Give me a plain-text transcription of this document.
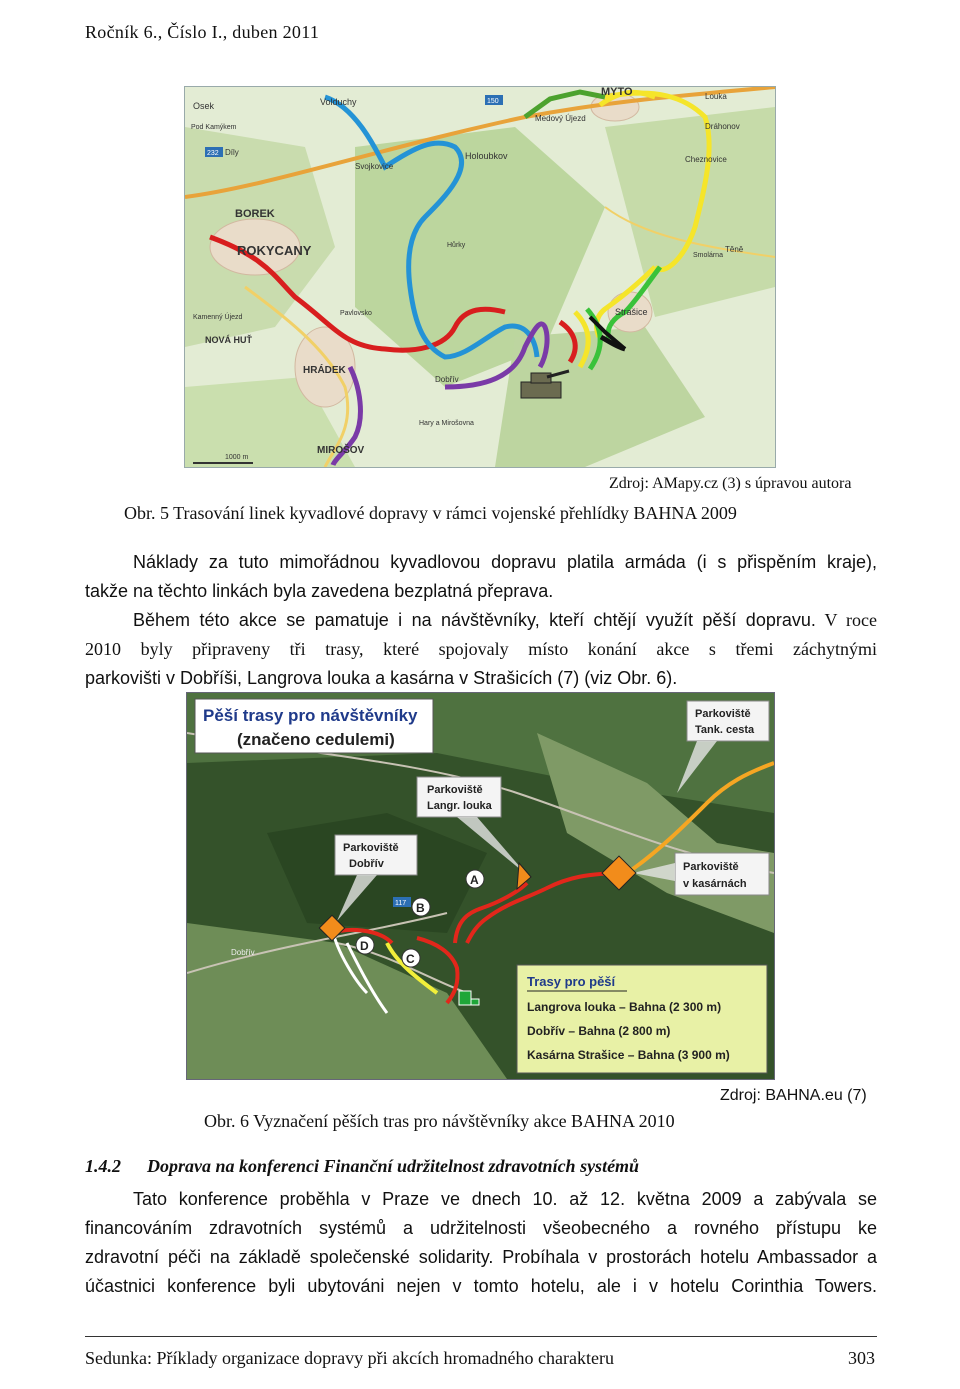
Ročník 6., Číslo I., duben 2011
Osek	Volduchy
Pod Kamýkem
MÝTO	Louka
Díly	Holoubkov
Medový Újezd
Dráhonov
Svojkovice
Cheznovice
BOREK
ROKYCANY	Hůrky
Smolárna
Těně
Kamenný Újezd
Pavlovsko	Strašice
NOVÁ HUŤ
HRÁDEK
Dobřív
Hary a Mirošovna
MIROŠOV
1000 m
150
232
Zdroj: AMapy.cz (3) s úpravou autora
Obr. 5 Trasování linek kyvadlové dopravy v rámci vojenské přehlídky BAHNA 2009
Náklady za tuto mimořádnou kyvadlovou dopravu platila armáda (i s přispěním kraje),
takže na těchto linkách byla zavedena bezplatná přeprava.
Během této akce se pamatuje i na návštěvníky, kteří chtějí využít pěší dopravu. V roce
2010 byly připraveny tři trasy, které spojovaly místo konání akce s třemi záchytnými
parkovišti v Dobříši, Langrova louka a kasárna v Strašicích (7) (viz Obr. 6).
Pěší trasy pro návštěvníky
(značeno cedulemi)
Parkoviště
Tank. cesta
Parkoviště
Langr. louka
Parkoviště
Dobřív	Parkoviště
v kasárnách
A
B
C
D
117
Dobřív
Trasy pro pěší
Langrova louka – Bahna (2 300 m)
Dobřív – Bahna (2 800 m)
Kasárna Strašice – Bahna (3 900 m)
Zdroj: BAHNA.eu (7)
Obr. 6 Vyznačení pěších tras pro návštěvníky akce BAHNA 2010
1.4.2 Doprava na konferenci Finanční udržitelnost zdravotních systémů
Tato konference proběhla v Praze ve dnech 10. až 12. května 2009 a zabývala se
financováním zdravotních systémů a udržitelnosti všeobecného a rovného přístupu ke
zdravotní péči na základě společenské solidarity. Probíhala v prostorách hotelu Ambassador a
účastnici konference byli ubytováni nejen v tomto hotelu, ale i v hotelu Corinthia Towers.
Sedunka: Příklady organizace dopravy při akcích hromadného charakteru	303
